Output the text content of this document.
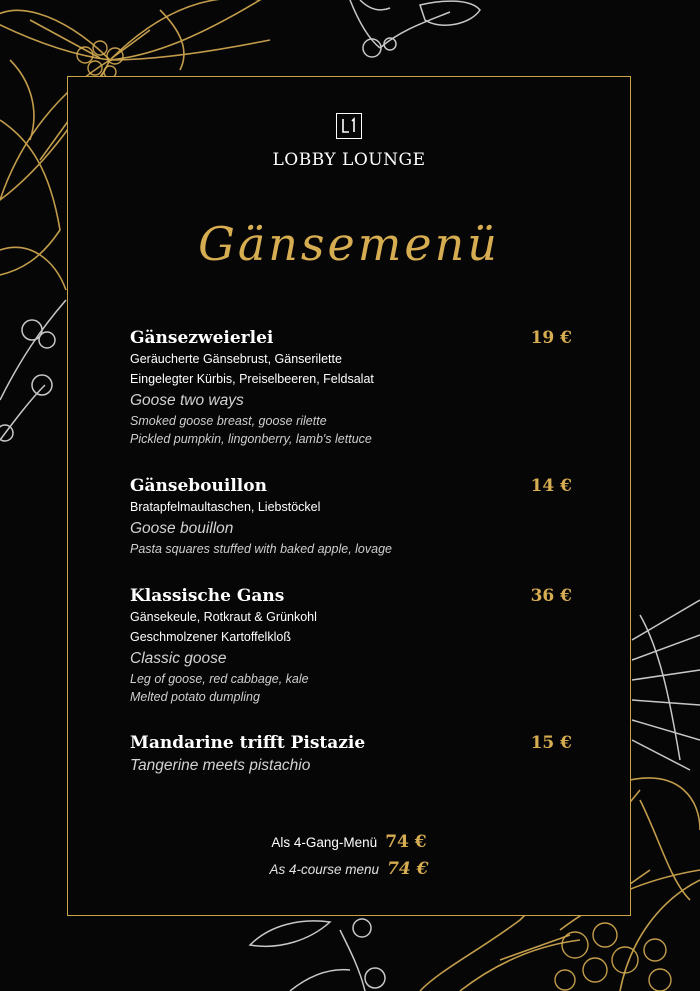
LOBBY LOUNGE
Gänsemenü
Gänsezweierlei	19 €
Geräucherte Gänsebrust, Gänserilette
Eingelegter Kürbis, Preiselbeeren, Feldsalat
Goose two ways
Smoked goose breast, goose rilette
Pickled pumpkin, lingonberry, lamb's lettuce
Gänsebouillon	14 €
Bratapfelmaultaschen, Liebstöckel
Goose bouillon
Pasta squares stuffed with baked apple, lovage
Klassische Gans	36 €
Gänsekeule, Rotkraut & Grünkohl
Geschmolzener Kartoffelkloß
Classic goose
Leg of goose, red cabbage, kale
Melted potato dumpling
Mandarine trifft Pistazie	15 €
Tangerine meets pistachio
Als 4-Gang-Menü 74 €
As 4-course menu 74 €
